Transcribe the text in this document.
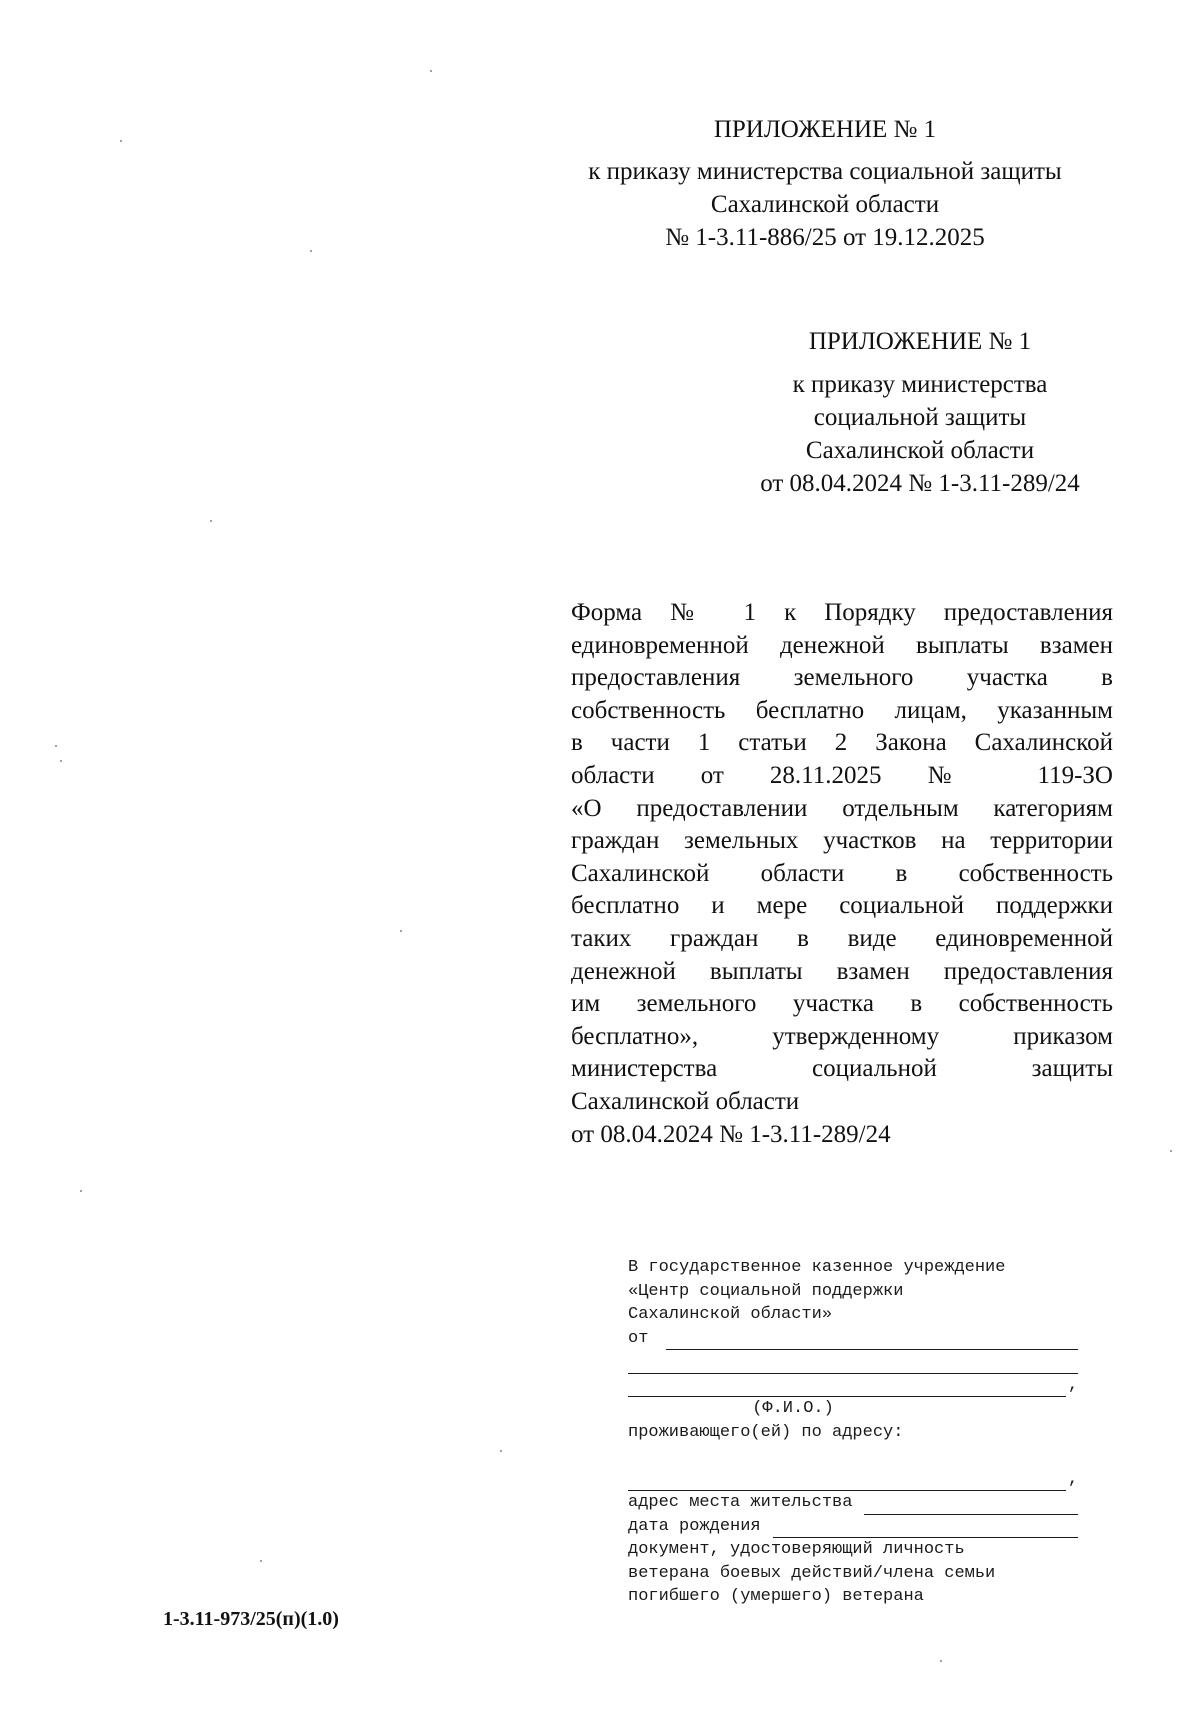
ПРИЛОЖЕНИЕ № 1
к приказу министерства социальной защиты
Сахалинской области
№ 1-3.11-886/25 от 19.12.2025
ПРИЛОЖЕНИЕ № 1
к приказу министерства
социальной защиты
Сахалинской области
от 08.04.2024 № 1-3.11-289/24
Форма № 1 к Порядку предоставления
единовременной денежной выплаты взамен
предоставления земельного участка в
собственность бесплатно лицам, указанным
в части 1 статьи 2 Закона Сахалинской
области от 28.11.2025 № 119-ЗО
«О предоставлении отдельным категориям
граждан земельных участков на территории
Сахалинской области в собственность
бесплатно и мере социальной поддержки
таких граждан в виде единовременной
денежной выплаты взамен предоставления
им земельного участка в собственность
бесплатно», утвержденному приказом
министерства социальной защиты
Сахалинской области
от 08.04.2024 № 1-3.11-289/24
В государственное казенное учреждение
«Центр социальной поддержки
Сахалинской области»
от
,
(Ф.И.О.)
проживающего(ей) по адресу:
,
адрес места жительства
дата рождения
документ, удостоверяющий личность
ветерана боевых действий/члена семьи
погибшего (умершего) ветерана
1-3.11-973/25(п)(1.0)
